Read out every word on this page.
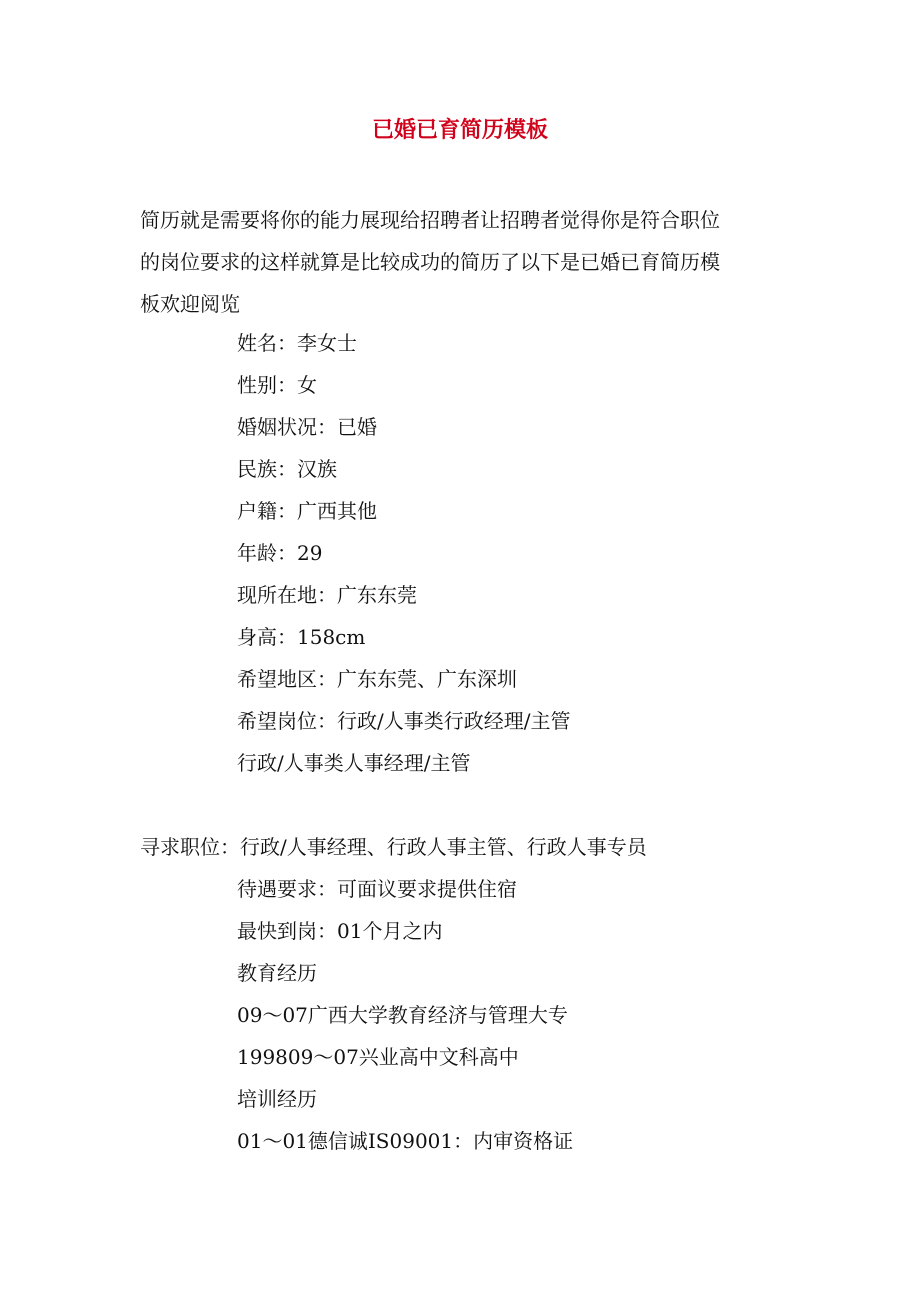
已婚已育简历模板
简历就是需要将你的能力展现给招聘者让招聘者觉得你是符合职位
的岗位要求的这样就算是比较成功的简历了以下是已婚已育简历模
板欢迎阅览
姓名：李女士
性别：女
婚姻状况：已婚
民族：汉族
户籍：广西其他
年龄：29
现所在地：广东东莞
身高：158cm
希望地区：广东东莞、广东深圳
希望岗位：行政/人事类行政经理/主管
行政/人事类人事经理/主管
寻求职位：行政/人事经理、行政人事主管、行政人事专员
待遇要求：可面议要求提供住宿
最快到岗：01个月之内
教育经历
09～07广西大学教育经济与管理大专
199809～07兴业高中文科高中
培训经历
01～01德信诚IS09001：内审资格证
